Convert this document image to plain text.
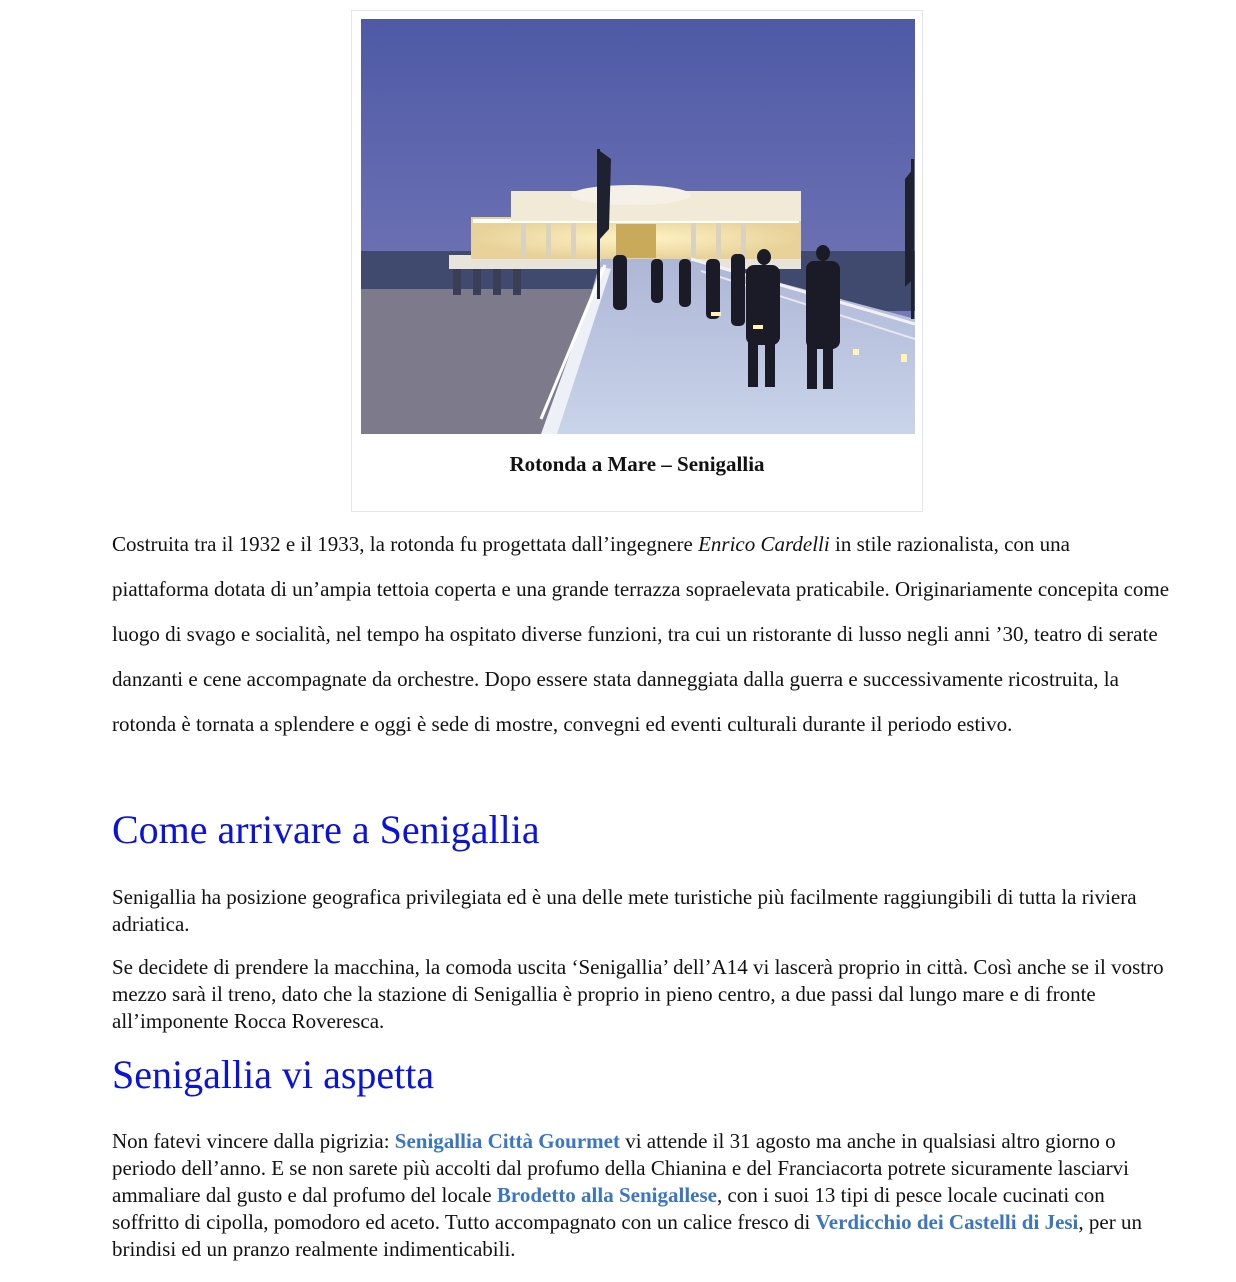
Rotonda a Mare – Senigallia

Costruita tra il 1932 e il 1933, la rotonda fu progettata dall’ingegnere Enrico Cardelli in stile razionalista, con una piattaforma dotata di un’ampia tettoia coperta e una grande terrazza sopraelevata praticabile. Originariamente concepita come luogo di svago e socialità, nel tempo ha ospitato diverse funzioni, tra cui un ristorante di lusso negli anni ’30, teatro di serate danzanti e cene accompagnate da orchestre. Dopo essere stata danneggiata dalla guerra e successivamente ricostruita, la rotonda è tornata a splendere e oggi è sede di mostre, convegni ed eventi culturali durante il periodo estivo.

Come arrivare a Senigallia

Senigallia ha posizione geografica privilegiata ed è una delle mete turistiche più facilmente raggiungibili di tutta la riviera adriatica.

Se decidete di prendere la macchina, la comoda uscita ‘Senigallia’ dell’A14 vi lascerà proprio in città. Così anche se il vostro mezzo sarà il treno, dato che la stazione di Senigallia è proprio in pieno centro, a due passi dal lungo mare e di fronte all’imponente Rocca Roveresca.

Senigallia vi aspetta

Non fatevi vincere dalla pigrizia: Senigallia Città Gourmet vi attende il 31 agosto ma anche in qualsiasi altro giorno o periodo dell’anno. E se non sarete più accolti dal profumo della Chianina e del Franciacorta potrete sicuramente lasciarvi ammaliare dal gusto e dal profumo del locale Brodetto alla Senigallese, con i suoi 13 tipi di pesce locale cucinati con soffritto di cipolla, pomodoro ed aceto. Tutto accompagnato con un calice fresco di Verdicchio dei Castelli di Jesi, per un brindisi ed un pranzo realmente indimenticabili.
